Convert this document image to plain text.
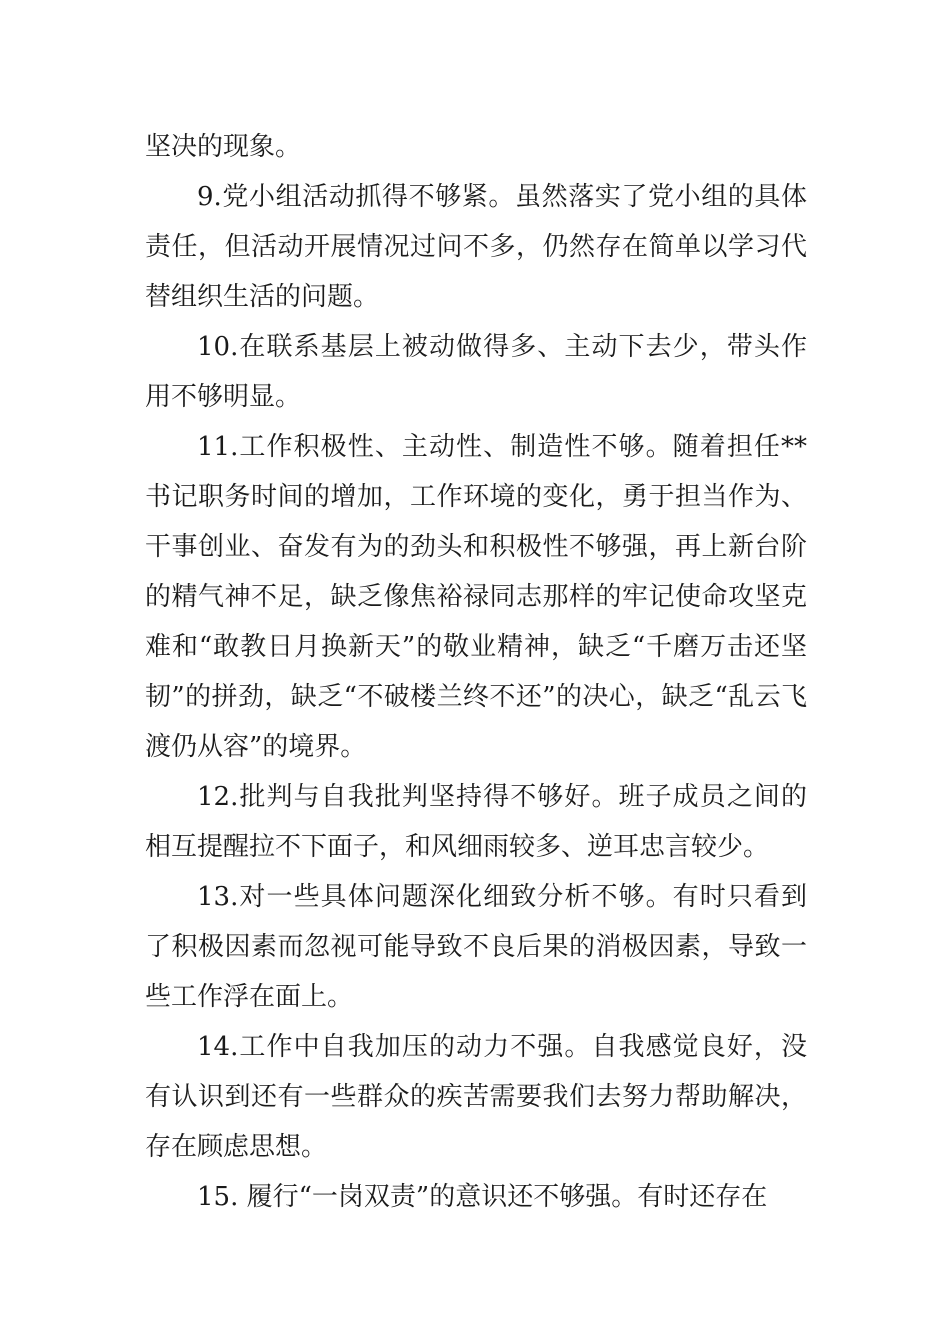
坚决的现象。

9.党小组活动抓得不够紧。虽然落实了党小组的具体责任，但活动开展情况过问不多，仍然存在简单以学习代替组织生活的问题。

10.在联系基层上被动做得多、主动下去少，带头作用不够明显。

11.工作积极性、主动性、制造性不够。随着担任**书记职务时间的增加，工作环境的变化，勇于担当作为、干事创业、奋发有为的劲头和积极性不够强，再上新台阶的精气神不足，缺乏像焦裕禄同志那样的牢记使命攻坚克难和“敢教日月换新天”的敬业精神，缺乏“千磨万击还坚韧”的拼劲，缺乏“不破楼兰终不还”的决心，缺乏“乱云飞渡仍从容”的境界。

12.批判与自我批判坚持得不够好。班子成员之间的相互提醒拉不下面子，和风细雨较多、逆耳忠言较少。

13.对一些具体问题深化细致分析不够。有时只看到了积极因素而忽视可能导致不良后果的消极因素，导致一些工作浮在面上。

14.工作中自我加压的动力不强。自我感觉良好，没有认识到还有一些群众的疾苦需要我们去努力帮助解决，存在顾虑思想。

15. 履行“一岗双责”的意识还不够强。有时还存在
